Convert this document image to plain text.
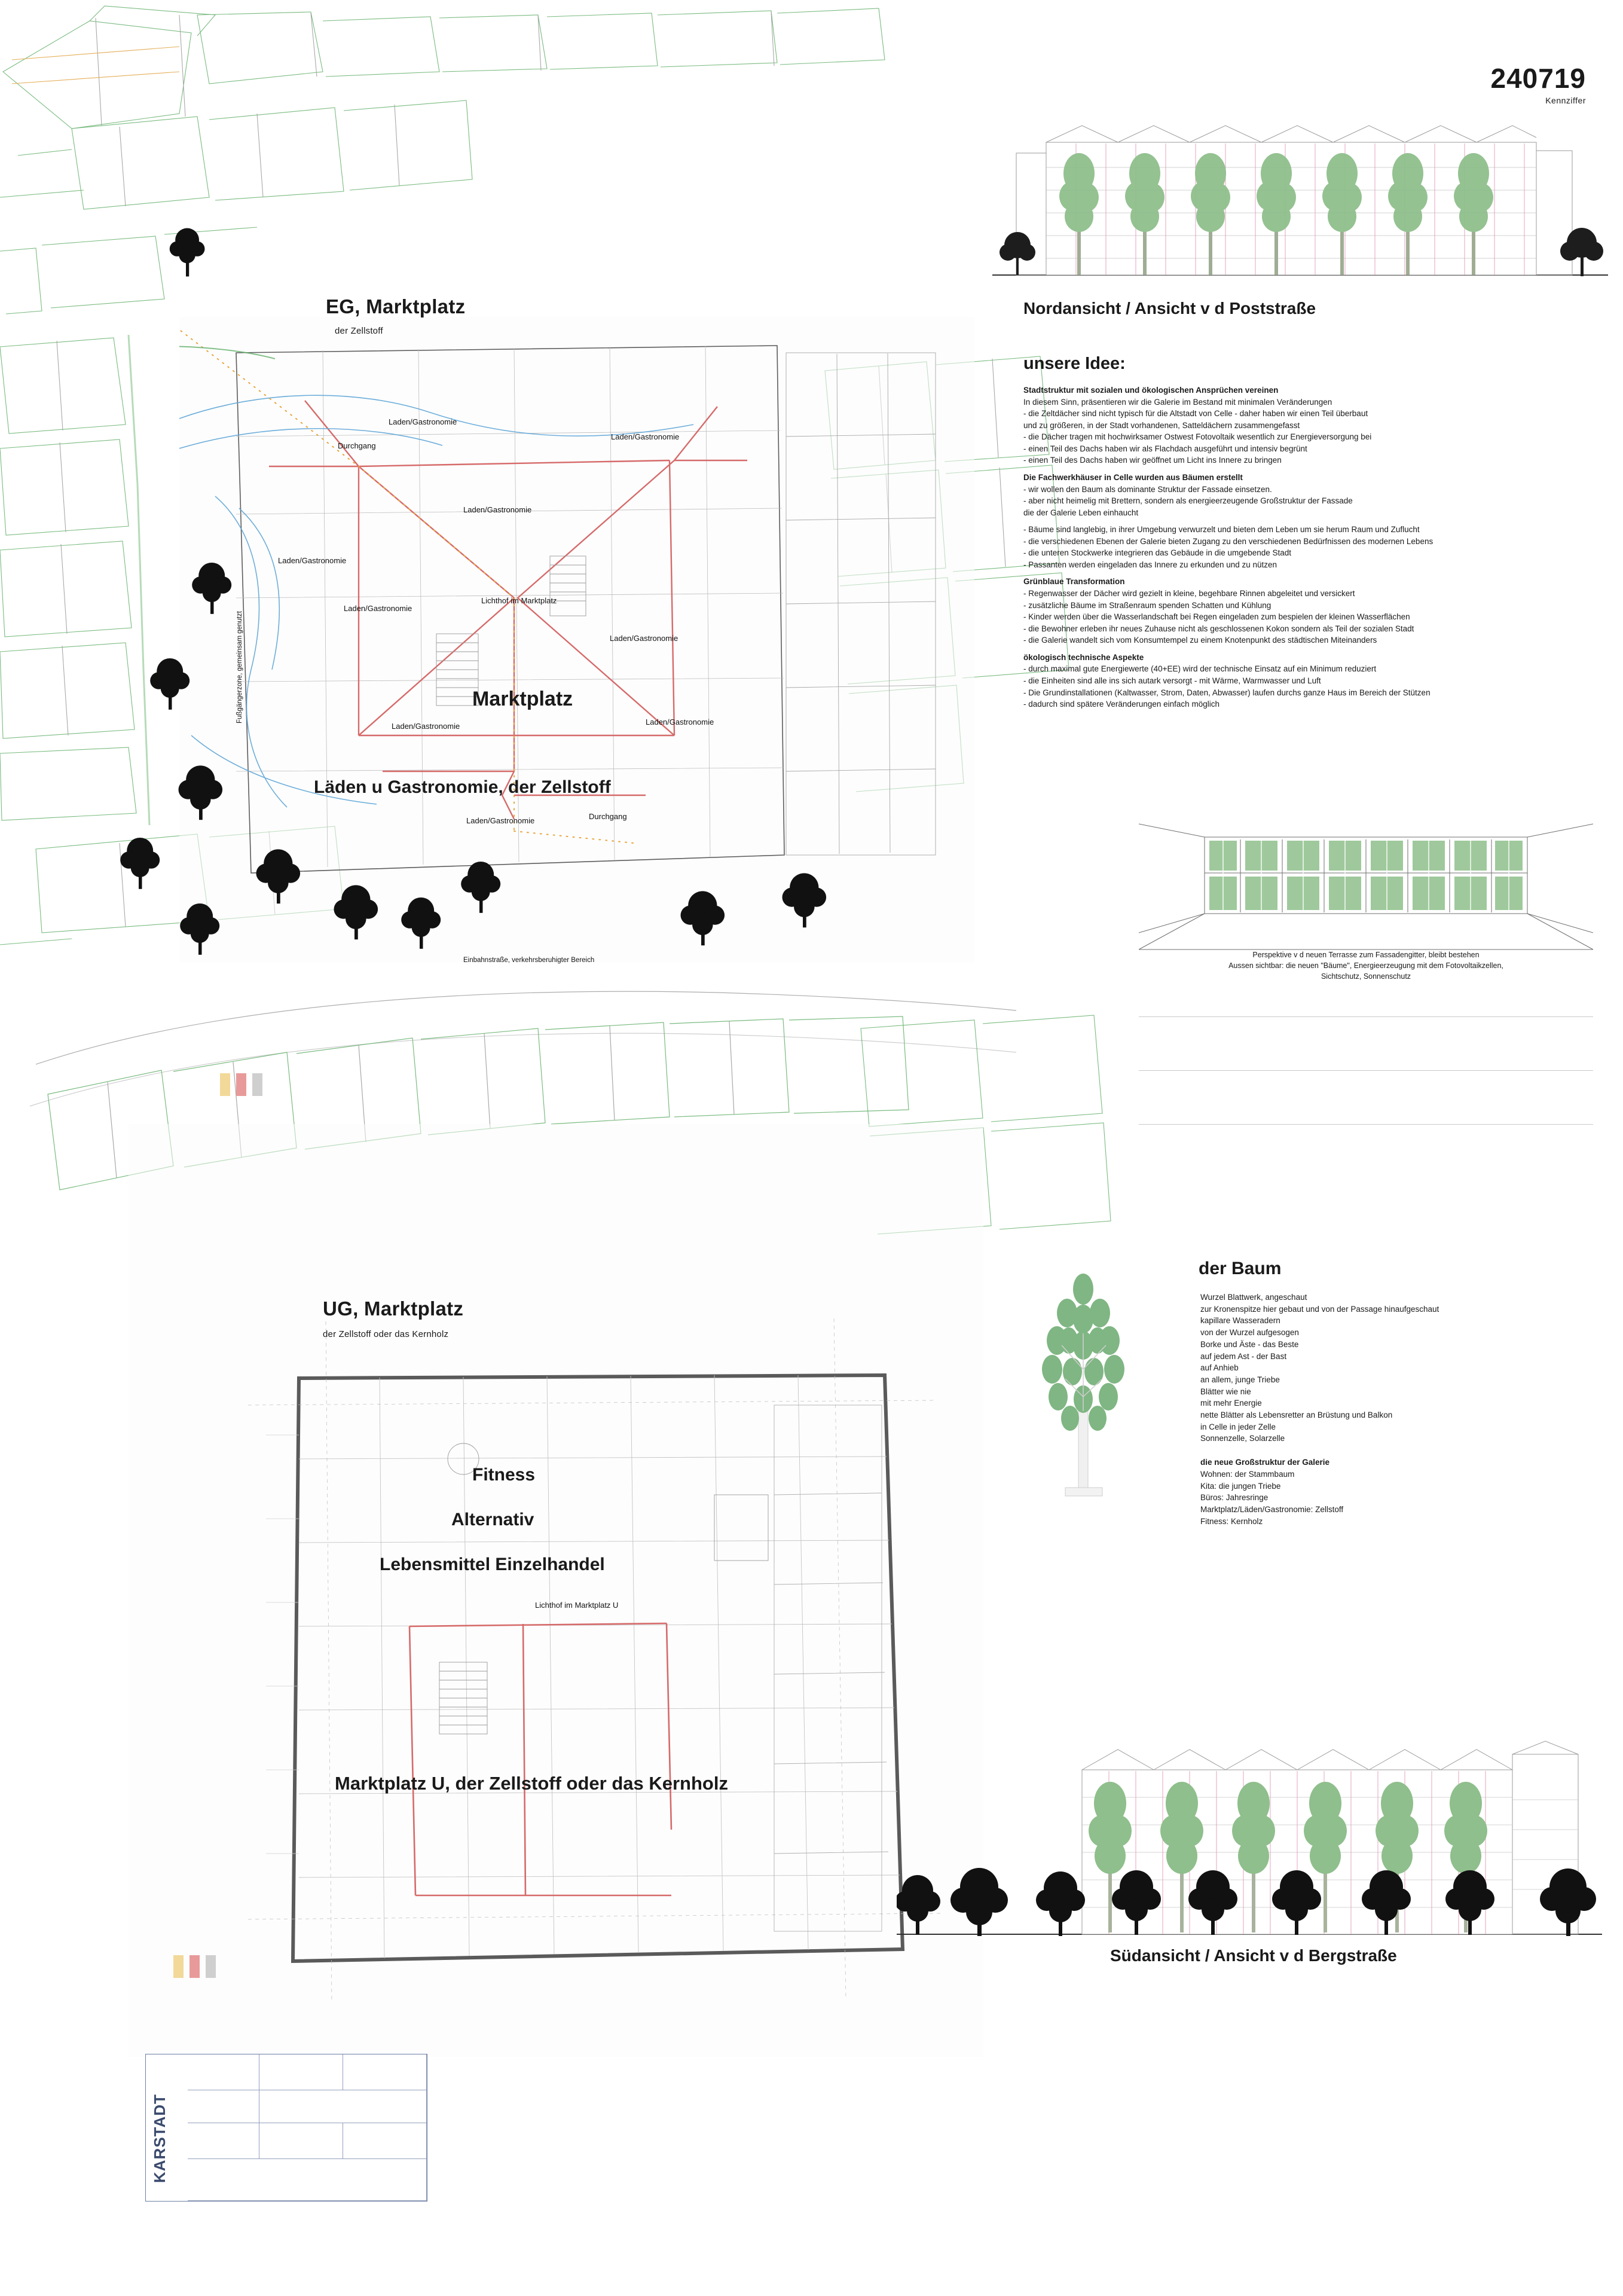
240719
Kennziffer
Nordansicht / Ansicht v d Poststraße
unsere Idee:
Stadtstruktur mit sozialen und ökologischen Ansprüchen vereinen
In diesem Sinn, präsentieren wir die Galerie im Bestand mit minimalen Veränderungen
- die Zeltdächer sind nicht typisch für die Altstadt von Celle - daher haben wir einen Teil überbaut
und zu größeren, in der Stadt vorhandenen, Satteldächern zusammengefasst
- die Dächer tragen mit hochwirksamer Ostwest Fotovoltaik wesentlich zur Energieversorgung bei
- einen Teil des Dachs haben wir als Flachdach ausgeführt und intensiv begrünt
- einen Teil des Dachs haben wir geöffnet um Licht ins Innere zu bringen
Die Fachwerkhäuser in Celle wurden aus Bäumen erstellt
- wir wollen den Baum als dominante Struktur der Fassade einsetzen.
- aber nicht heimelig mit Brettern, sondern als energieerzeugende Großstruktur der Fassade
die der Galerie Leben einhaucht
- Bäume sind langlebig, in ihrer Umgebung verwurzelt und bieten dem Leben um sie herum Raum und Zuflucht
- die verschiedenen Ebenen der Galerie bieten Zugang zu den verschiedenen Bedürfnissen des modernen Lebens
- die unteren Stockwerke integrieren das Gebäude in die umgebende Stadt
- Passanten werden eingeladen das Innere zu erkunden und zu nützen
Grünblaue Transformation
- Regenwasser der Dächer wird gezielt in kleine, begehbare Rinnen abgeleitet und versickert
- zusätzliche Bäume im Straßenraum spenden Schatten und Kühlung
- Kinder werden über die Wasserlandschaft bei Regen eingeladen zum bespielen der kleinen Wasserflächen
- die Bewohner erleben ihr neues Zuhause nicht als geschlossenen Kokon sondern als Teil der sozialen Stadt
- die Galerie wandelt sich vom Konsumtempel zu einem Knotenpunkt des städtischen Miteinanders
ökologisch technische Aspekte
- durch maximal gute Energiewerte (40+EE) wird der technische Einsatz auf ein Minimum reduziert
- die Einheiten sind alle ins sich autark versorgt - mit Wärme, Warmwasser und Luft
- Die Grundinstallationen (Kaltwasser, Strom, Daten, Abwasser) laufen durchs ganze Haus im Bereich der Stützen
- dadurch sind spätere Veränderungen einfach möglich
Perspektive v d neuen Terrasse zum Fassadengitter, bleibt bestehen
Aussen sichtbar: die neuen "Bäume", Energieerzeugung mit dem Fotovoltaikzellen,
Sichtschutz, Sonnenschutz
der Baum
Wurzel Blattwerk, angeschaut
zur Kronenspitze hier gebaut und von der Passage hinaufgeschaut
kapillare Wasseradern
von der Wurzel aufgesogen
Borke und Äste - das Beste
auf jedem Ast - der Bast
auf Anhieb
an allem, junge Triebe
Blätter wie nie
mit mehr Energie
nette Blätter als Lebensretter an Brüstung und Balkon
in Celle in jeder Zelle
Sonnenzelle, Solarzelle
die neue Großstruktur der Galerie
Wohnen: der Stammbaum
Kita: die jungen Triebe
Büros: Jahresringe
Marktplatz/Läden/Gastronomie: Zellstoff
Fitness: Kernholz
EG, Marktplatz
der Zellstoff
Marktplatz
Läden u Gastronomie, der Zellstoff
Lichthof im Marktplatz
Durchgang
Durchgang
Laden/Gastronomie
Laden/Gastronomie
Laden/Gastronomie
Laden/Gastronomie
Laden/Gastronomie
Laden/Gastronomie
Laden/Gastronomie	Laden/Gastronomie
Laden/Gastronomie
Einbahnstraße, verkehrsberuhigter Bereich
Fußgängerzone, gemeinsam genutzt
UG, Marktplatz
der Zellstoff oder das Kernholz
Fitness
Alternativ
Lebensmittel Einzelhandel
Lichthof im Marktplatz U
Marktplatz U, der Zellstoff oder das Kernholz
KARSTADT
Südansicht / Ansicht v d Bergstraße
